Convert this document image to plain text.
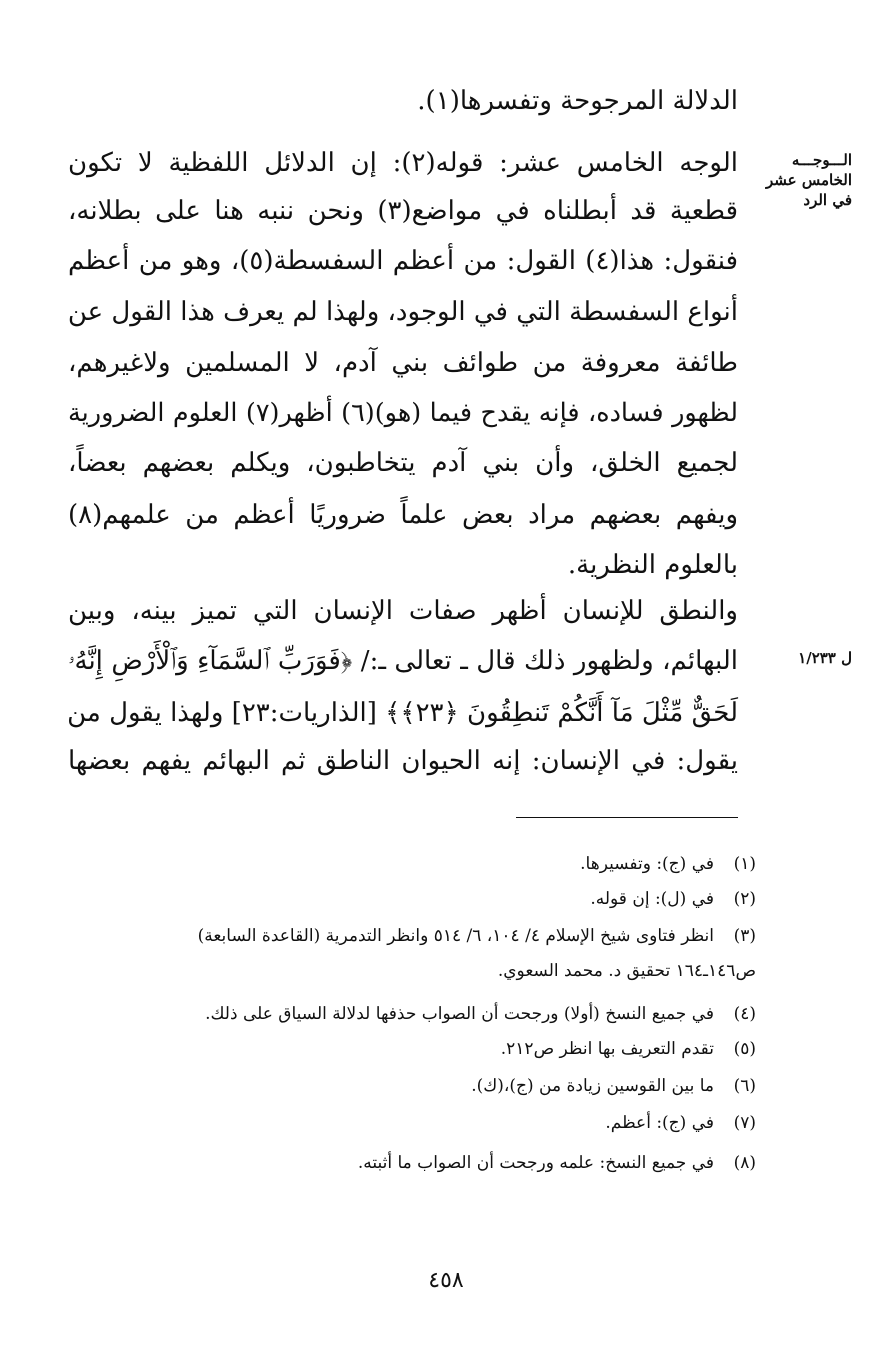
الـــوجـــه
الخامس عشر
في الرد
ل ١/٢٣٣
الدلالة المرجوحة وتفسرها(١).
الوجه الخامس عشر: قوله(٢): إن الدلائل اللفظية لا تكون
قطعية قد أبطلناه في مواضع(٣) ونحن ننبه هنا على بطلانه،
فنقول: هذا(٤) القول: من أعظم السفسطة(٥)، وهو من أعظم
أنواع السفسطة التي في الوجود، ولهذا لم يعرف هذا القول عن
طائفة معروفة من طوائف بني آدم، لا المسلمين ولاغيرهم،
لظهور فساده، فإنه يقدح فيما (هو)(٦) أظهر(٧) العلوم الضرورية
لجميع الخلق، وأن بني آدم يتخاطبون، ويكلم بعضهم بعضاً،
ويفهم بعضهم مراد بعض علماً ضروريًا أعظم من علمهم(٨)
بالعلوم النظرية.
والنطق للإنسان أظهر صفات الإنسان التي تميز بينه، وبين
البهائم، ولظهور ذلك قال ـ تعالى ـ:/ ﴿فَوَرَبِّ ٱلسَّمَآءِ وَٱلْأَرْضِ إِنَّهُۥ
لَحَقٌّ مِّثْلَ مَآ أَنَّكُمْ تَنطِقُونَ ﴿٢٣﴾﴾ [الذاريات:٢٣] ولهذا يقول من
يقول: في الإنسان: إنه الحيوان الناطق ثم البهائم يفهم بعضها
(١)في (ج): وتفسيرها.
(٢)في (ل): إن قوله.
(٣)انظر فتاوى شيخ الإسلام ٤/ ١٠٤، ٦/ ٥١٤ وانظر التدمرية (القاعدة السابعة)
ص١٤٦ـ١٦٤ تحقيق د. محمد السعوي.
(٤)في جميع النسخ (أولا) ورجحت أن الصواب حذفها لدلالة السياق على ذلك.
(٥)تقدم التعريف بها انظر ص٢١٢.
(٦)ما بين القوسين زيادة من (ج)،(ك).
(٧)في (ج): أعظم.
(٨)في جميع النسخ: علمه ورجحت أن الصواب ما أثبته.
٤٥٨
